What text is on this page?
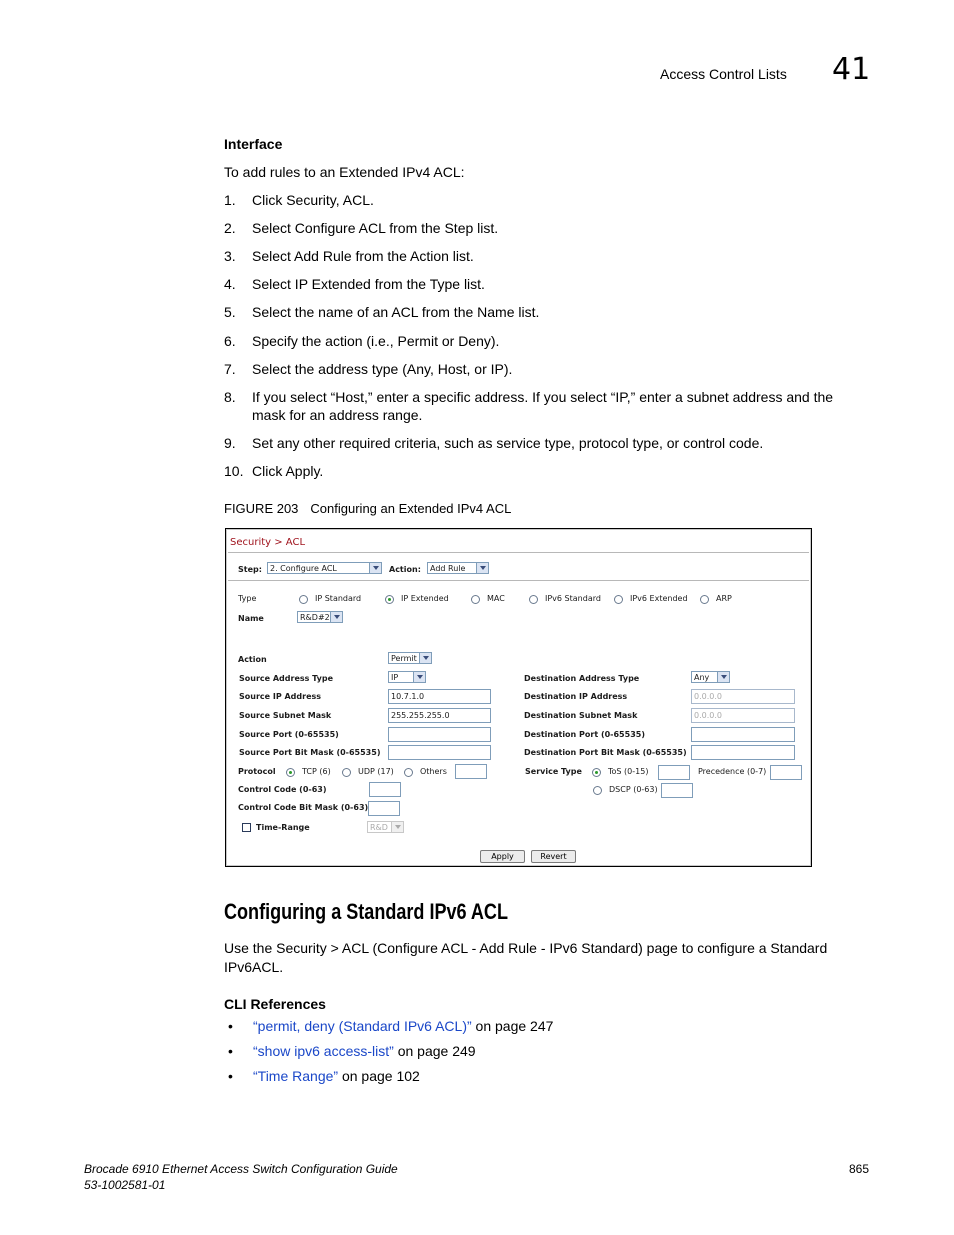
Access Control Lists 41
Interface
To add rules to an Extended IPv4 ACL:
1. Click Security, ACL.
2. Select Configure ACL from the Step list.
3. Select Add Rule from the Action list.
4. Select IP Extended from the Type list.
5. Select the name of an ACL from the Name list.
6. Specify the action (i.e., Permit or Deny).
7. Select the address type (Any, Host, or IP).
8. If you select “Host,” enter a specific address. If you select “IP,” enter a subnet address and the
mask for an address range.
9. Set any other required criteria, such as service type, protocol type, or control code.
10. Click Apply.
FIGURE 203 Configuring an Extended IPv4 ACL
Security > ACL
Step:	2. Configure ACL	Action:	Add Rule
Type	IP Standard	IP Extended	MAC	IPv6 Standard	IPv6 Extended	ARP
Name	R&D#2
Action	Permit
Source Address Type	IP
Source IP Address	10.7.1.0
Source Subnet Mask	255.255.255.0
Source Port (0-65535)
Source Port Bit Mask (0-65535)
Protocol	TCP (6)	UDP (17)	Others
Control Code (0-63)
Control Code Bit Mask (0-63)
Time-Range	R&D
Destination Address Type	Any
Destination IP Address	0.0.0.0
Destination Subnet Mask	0.0.0.0
Destination Port (0-65535)
Destination Port Bit Mask (0-65535)
Service Type	ToS (0-15)	Precedence (0-7)
DSCP (0-63)
Apply	Revert
Configuring a Standard IPv6 ACL
Use the Security > ACL (Configure ACL - Add Rule - IPv6 Standard) page to configure a Standard
IPv6ACL.
CLI References
• “permit, deny (Standard IPv6 ACL)” on page 247
• “show ipv6 access-list” on page 249
• “Time Range” on page 102
Brocade 6910 Ethernet Access Switch Configuration Guide
53-1002581-01
865
